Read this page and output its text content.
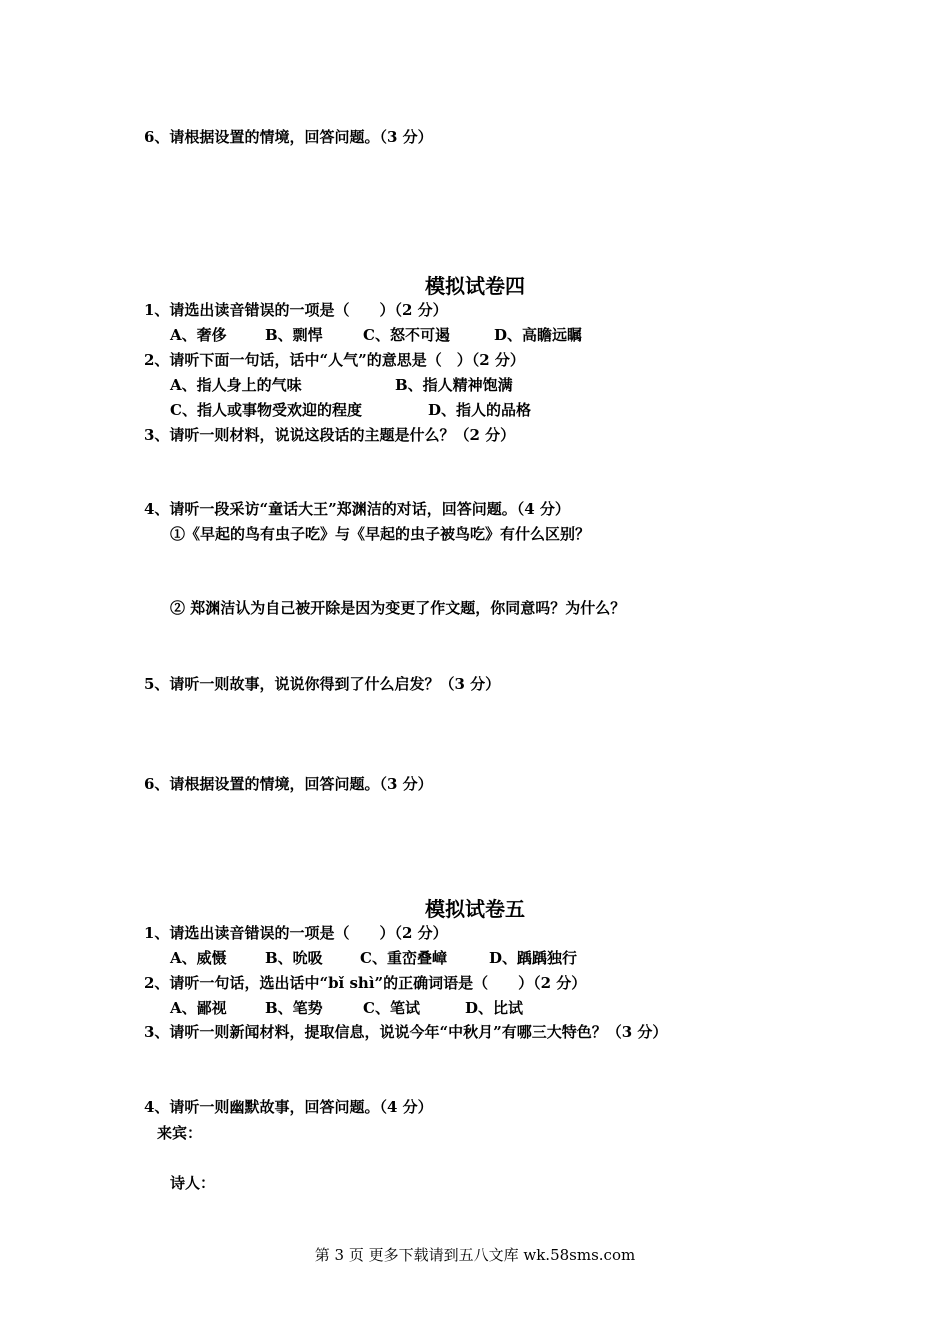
6、请根据设置的情境，回答问题。（3 分）
模拟试卷四
1、请选出读音错误的一项是（　　）（2 分）
A、奢侈	B、剽悍	C、怒不可遏	D、高瞻远瞩
2、请听下面一句话，话中“人气”的意思是（　）（2 分）
A、指人身上的气味	B、指人精神饱满
C、指人或事物受欢迎的程度	D、指人的品格
3、请听一则材料，说说这段话的主题是什么？（2 分）
4、请听一段采访“童话大王”郑渊洁的对话，回答问题。（4 分）
①《早起的鸟有虫子吃》与《早起的虫子被鸟吃》有什么区别？
② 郑渊洁认为自己被开除是因为变更了作文题，你同意吗？为什么？
5、请听一则故事，说说你得到了什么启发？（3 分）
6、请根据设置的情境，回答问题。（3 分）
模拟试卷五
1、请选出读音错误的一项是（　　）（2 分）
A、威慑	B、吮吸 C、重峦叠嶂	D、踽踽独行
2、请听一句话，选出话中“bǐ shì”的正确词语是（　　）（2 分）
A、鄙视	B、笔势	C、笔试	D、比试
3、请听一则新闻材料，提取信息，说说今年“中秋月”有哪三大特色？（3 分）
4、请听一则幽默故事，回答问题。（4 分）
来宾：
诗人：
第 3 页 更多下载请到五八文库 wk.58sms.com
